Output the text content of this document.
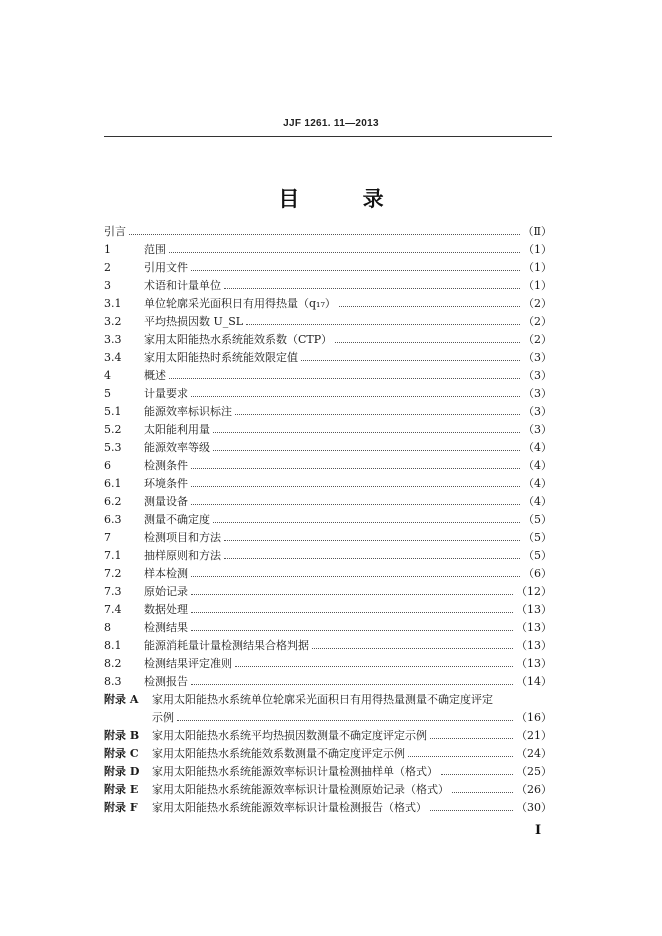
JJF 1261. 11—2013
目 录
引言	（Ⅱ）
1	范围	（1）
2	引用文件	（1）
3	术语和计量单位	（1）
3.1	单位轮廓采光面积日有用得热量（q₁₇）	（2）
3.2	平均热损因数 U_SL	（2）
3.3	家用太阳能热水系统能效系数（CTP）	（2）
3.4	家用太阳能热时系统能效限定值	（3）
4	概述	（3）
5	计量要求	（3）
5.1	能源效率标识标注	（3）
5.2	太阳能利用量	（3）
5.3	能源效率等级	（4）
6	检测条件	（4）
6.1	环境条件	（4）
6.2	测量设备	（4）
6.3	测量不确定度	（5）
7	检测项目和方法	（5）
7.1	抽样原则和方法	（5）
7.2	样本检测	（6）
7.3	原始记录	（12）
7.4	数据处理	（13）
8	检测结果	（13）
8.1	能源消耗量计量检测结果合格判据	（13）
8.2	检测结果评定准则	（13）
8.3	检测报告	（14）
附录 A	家用太阳能热水系统单位轮廓采光面积日有用得热量测量不确定度评定
示例	（16）
附录 B	家用太阳能热水系统平均热损因数测量不确定度评定示例	（21）
附录 C	家用太阳能热水系统能效系数测量不确定度评定示例	（24）
附录 D	家用太阳能热水系统能源效率标识计量检测抽样单（格式）	（25）
附录 E	家用太阳能热水系统能源效率标识计量检测原始记录（格式）	（26）
附录 F	家用太阳能热水系统能源效率标识计量检测报告（格式）	（30）
I
